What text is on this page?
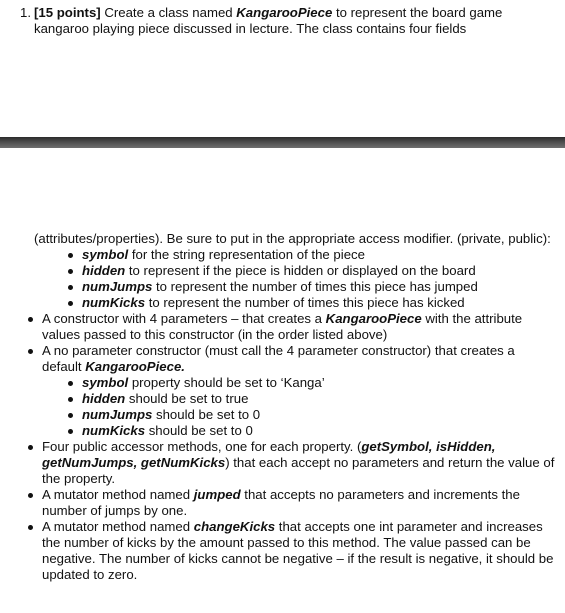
1. [15 points] Create a class named KangarooPiece to represent the board game kangaroo playing piece discussed in lecture. The class contains four fields
(attributes/properties). Be sure to put in the appropriate access modifier. (private, public):
symbol for the string representation of the piece
hidden to represent if the piece is hidden or displayed on the board
numJumps to represent the number of times this piece has jumped
numKicks to represent the number of times this piece has kicked
A constructor with 4 parameters – that creates a KangarooPiece with the attribute values passed to this constructor (in the order listed above)
A no parameter constructor (must call the 4 parameter constructor) that creates a default KangarooPiece.
symbol property should be set to ‘Kanga’
hidden should be set to true
numJumps should be set to 0
numKicks should be set to 0
Four public accessor methods, one for each property. (getSymbol, isHidden, getNumJumps, getNumKicks) that each accept no parameters and return the value of the property.
A mutator method named jumped that accepts no parameters and increments the number of jumps by one.
A mutator method named changeKicks that accepts one int parameter and increases the number of kicks by the amount passed to this method. The value passed can be negative. The number of kicks cannot be negative – if the result is negative, it should be updated to zero.
